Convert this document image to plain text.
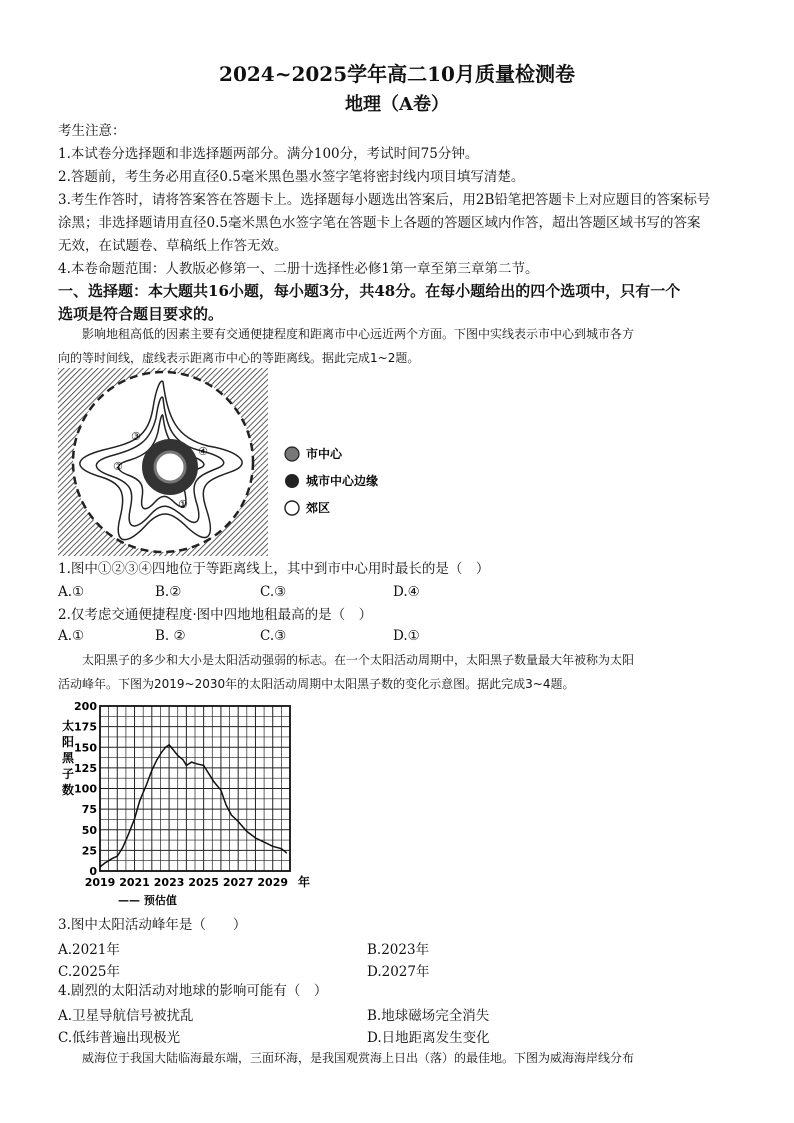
2024~2025学年高二10月质量检测卷
地理（A卷）
考生注意：
1.本试卷分选择题和非选择题两部分。满分100分，考试时间75分钟。
2.答题前，考生务必用直径0.5毫米黑色墨水签字笔将密封线内项目填写清楚。
3.考生作答时，请将答案答在答题卡上。选择题每小题选出答案后，用2B铅笔把答题卡上对应题目的答案标号
涂黑；非选择题请用直径0.5毫米黑色水签字笔在答题卡上各题的答题区域内作答，超出答题区域书写的答案
无效，在试题卷、草稿纸上作答无效。
4.本卷命题范围：人教版必修第一、二册十选择性必修1第一章至第三章第二节。
一、选择题：本大题共16小题，每小题3分，共48分。在每小题给出的四个选项中，只有一个
选项是符合题目要求的。
影响地租高低的因素主要有交通便捷程度和距离市中心远近两个方面。下图中实线表示市中心到城市各方
向的等时间线，虚线表示距离市中心的等距离线。据此完成1~2题。
③
②
④
①
市中心
城市中心边缘
郊区
1.图中①②③④四地位于等距离线上，其中到市中心用时最长的是（　）
A.①	B.②	C.③	D.④
2.仅考虑交通便捷程度·图中四地地租最高的是（　）
A.①	B. ②	C.③	D.①
太阳黑子的多少和大小是太阳活动强弱的标志。在一个太阳活动周期中，太阳黑子数量最大年被称为太阳
活动峰年。下图为2019~2030年的太阳活动周期中太阳黑子数的变化示意图。据此完成3~4题。
0
25
50
75
100
125
150
175
200
2019 2021 2023 2025 2027 2029
太
阳
黑
子
数
年
—— 预估值
3.图中太阳活动峰年是（　　）
A.2021年	B.2023年
C.2025年	D.2027年
4.剧烈的太阳活动对地球的影响可能有（　）
A.卫星导航信号被扰乱	B.地球磁场完全消失
C.低纬普遍出现极光	D.日地距离发生变化
威海位于我国大陆临海最东端，三面环海，是我国观赏海上日出（落）的最佳地。下图为威海海岸线分布
